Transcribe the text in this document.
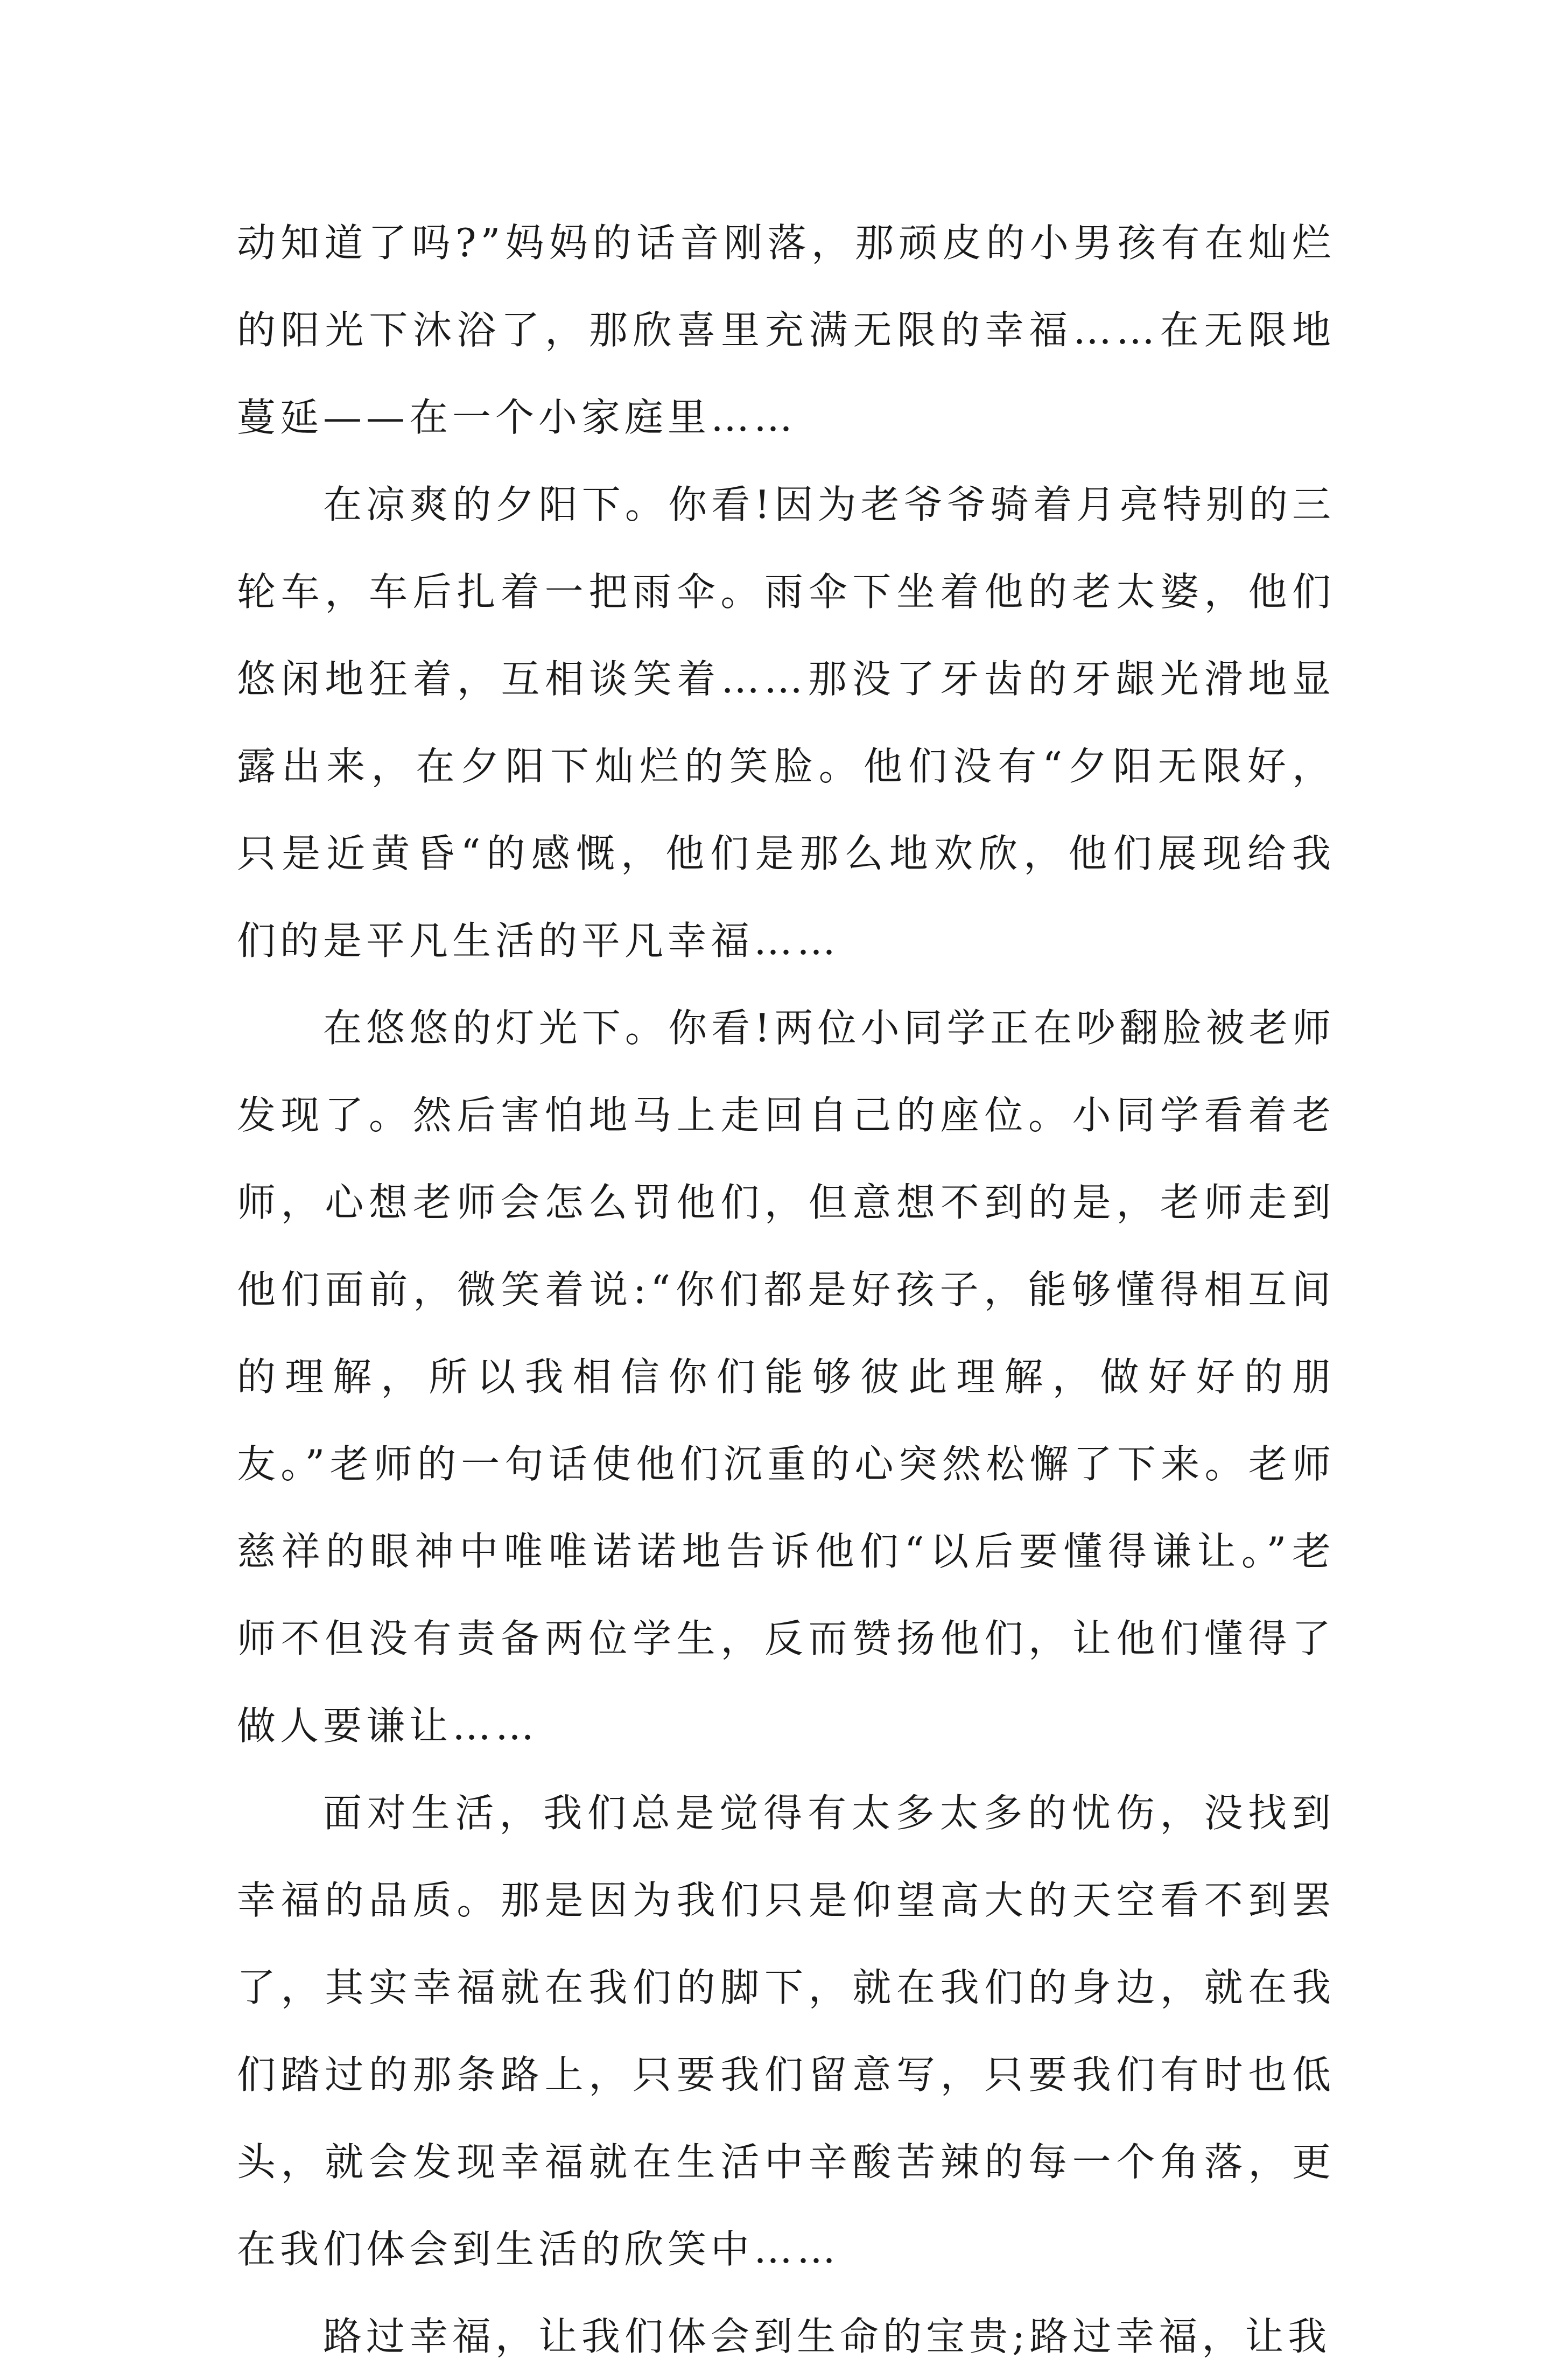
动知道了吗?”妈妈的话音刚落，那顽皮的小男孩有在灿烂的阳光下沐浴了，那欣喜里充满无限的幸福……在无限地蔓延——在一个小家庭里……

在凉爽的夕阳下。你看!因为老爷爷骑着月亮特别的三轮车，车后扎着一把雨伞。雨伞下坐着他的老太婆，他们悠闲地狂着，互相谈笑着……那没了牙齿的牙龈光滑地显露出来，在夕阳下灿烂的笑脸。他们没有“夕阳无限好，只是近黄昏“的感慨，他们是那么地欢欣，他们展现给我们的是平凡生活的平凡幸福……

在悠悠的灯光下。你看!两位小同学正在吵翻脸被老师发现了。然后害怕地马上走回自己的座位。小同学看着老师，心想老师会怎么罚他们，但意想不到的是，老师走到他们面前，微笑着说:“你们都是好孩子，能够懂得相互间的理解，所以我相信你们能够彼此理解，做好好的朋友。”老师的一句话使他们沉重的心突然松懈了下来。老师慈祥的眼神中唯唯诺诺地告诉他们“以后要懂得谦让。”老师不但没有责备两位学生，反而赞扬他们，让他们懂得了做人要谦让……

面对生活，我们总是觉得有太多太多的忧伤，没找到幸福的品质。那是因为我们只是仰望高大的天空看不到罢了，其实幸福就在我们的脚下，就在我们的身边，就在我们踏过的那条路上，只要我们留意写，只要我们有时也低头，就会发现幸福就在生活中辛酸苦辣的每一个角落，更在我们体会到生活的欣笑中……

路过幸福，让我们体会到生命的宝贵;路过幸福，让我
